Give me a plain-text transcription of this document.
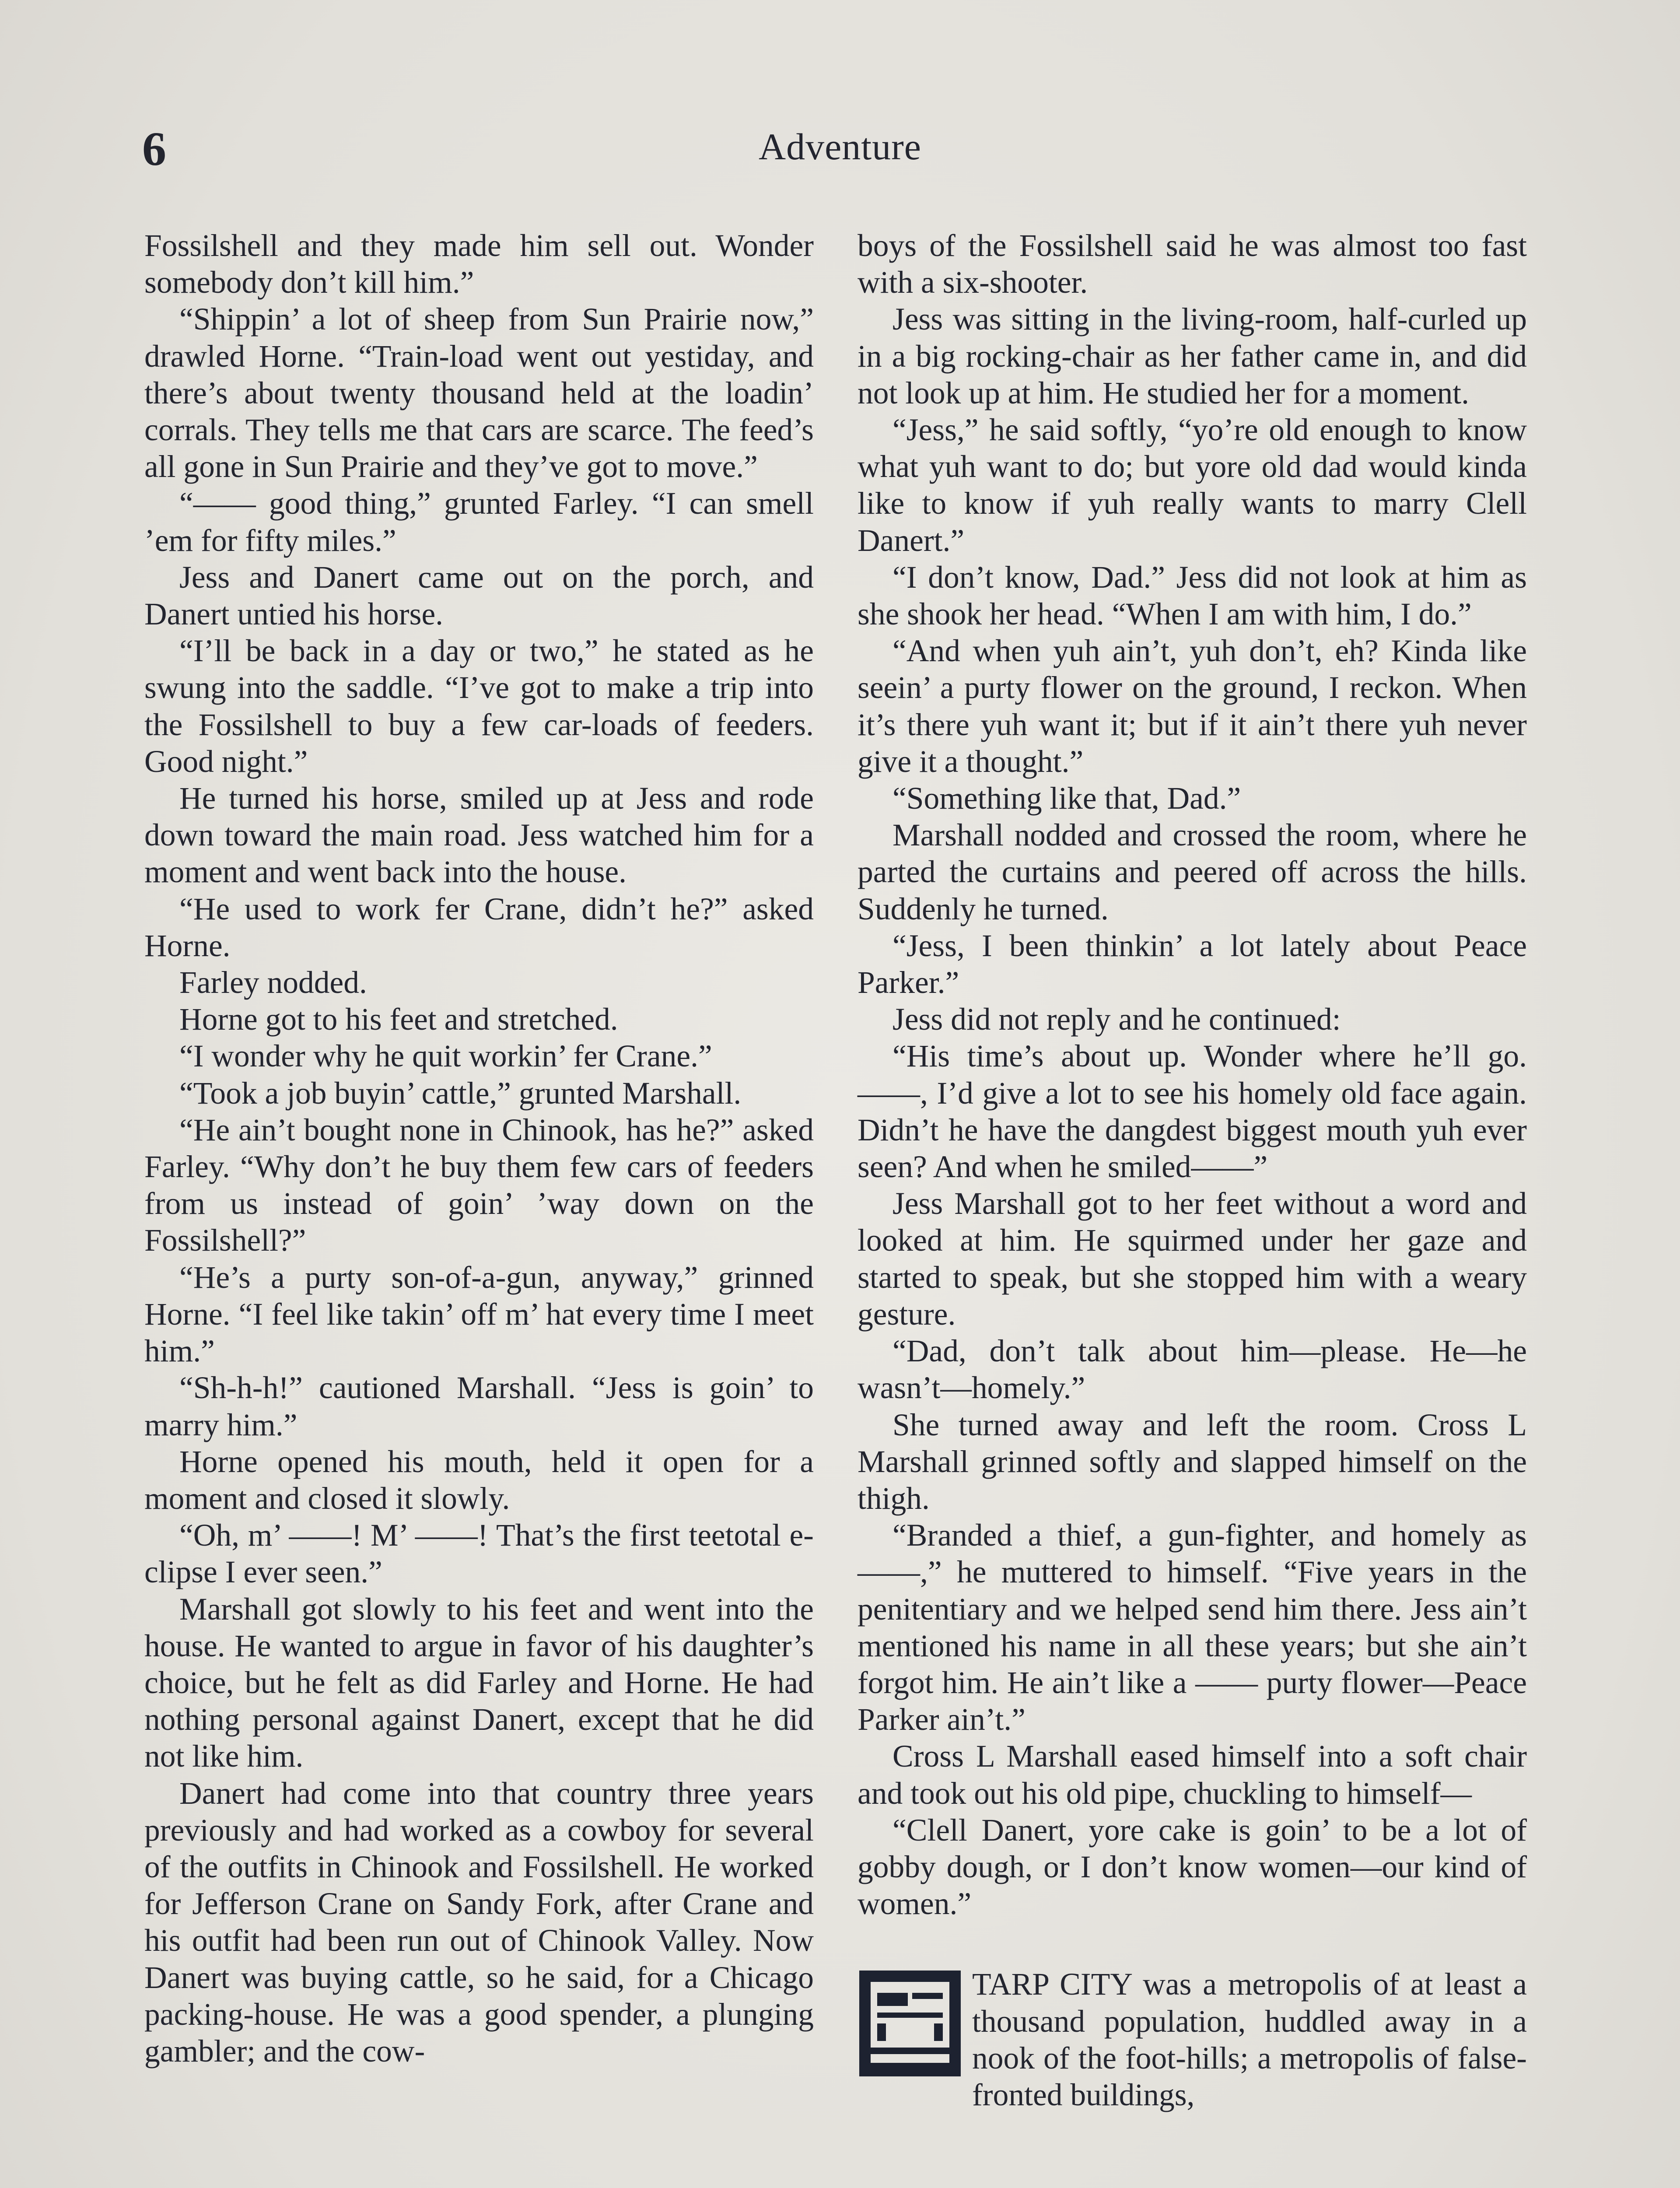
6	Adventure

Fossilshell and they made him sell out. Wonder somebody don’t kill him.”

“Shippin’ a lot of sheep from Sun Prairie now,” drawled Horne. “Train-load went out yestiday, and there’s about twenty thousand held at the loadin’ corrals. They tells me that cars are scarce. The feed’s all gone in Sun Prairie and they’ve got to move.”

“—— good thing,” grunted Farley. “I can smell ’em for fifty miles.”

Jess and Danert came out on the porch, and Danert untied his horse.

“I’ll be back in a day or two,” he stated as he swung into the saddle. “I’ve got to make a trip into the Fossilshell to buy a few car-loads of feeders. Good night.”

He turned his horse, smiled up at Jess and rode down toward the main road. Jess watched him for a moment and went back into the house.

“He used to work fer Crane, didn’t he?” asked Horne.

Farley nodded.

Horne got to his feet and stretched.

“I wonder why he quit workin’ fer Crane.”

“Took a job buyin’ cattle,” grunted Marshall.

“He ain’t bought none in Chinook, has he?” asked Farley. “Why don’t he buy them few cars of feeders from us instead of goin’ ’way down on the Fossilshell?”

“He’s a purty son-of-a-gun, anyway,” grinned Horne. “I feel like takin’ off m’ hat every time I meet him.”

“Sh-h-h!” cautioned Marshall. “Jess is goin’ to marry him.”

Horne opened his mouth, held it open for a moment and closed it slowly.

“Oh, m’ ——! M’ ——! That’s the first teetotal e-clipse I ever seen.”

Marshall got slowly to his feet and went into the house. He wanted to argue in favor of his daughter’s choice, but he felt as did Farley and Horne. He had nothing personal against Danert, except that he did not like him.

Danert had come into that country three years previously and had worked as a cowboy for several of the outfits in Chinook and Fossilshell. He worked for Jefferson Crane on Sandy Fork, after Crane and his outfit had been run out of Chinook Valley. Now Danert was buying cattle, so he said, for a Chicago packing-house. He was a good spender, a plunging gambler; and the cow-

boys of the Fossilshell said he was almost too fast with a six-shooter.

Jess was sitting in the living-room, half-curled up in a big rocking-chair as her father came in, and did not look up at him. He studied her for a moment.

“Jess,” he said softly, “yo’re old enough to know what yuh want to do; but yore old dad would kinda like to know if yuh really wants to marry Clell Danert.”

“I don’t know, Dad.” Jess did not look at him as she shook her head. “When I am with him, I do.”

“And when yuh ain’t, yuh don’t, eh? Kinda like seein’ a purty flower on the ground, I reckon. When it’s there yuh want it; but if it ain’t there yuh never give it a thought.”

“Something like that, Dad.”

Marshall nodded and crossed the room, where he parted the curtains and peered off across the hills. Suddenly he turned.

“Jess, I been thinkin’ a lot lately about Peace Parker.”

Jess did not reply and he continued:

“His time’s about up. Wonder where he’ll go. ——, I’d give a lot to see his homely old face again. Didn’t he have the dangdest biggest mouth yuh ever seen? And when he smiled——”

Jess Marshall got to her feet without a word and looked at him. He squirmed under her gaze and started to speak, but she stopped him with a weary gesture.

“Dad, don’t talk about him—please. He—he wasn’t—homely.”

She turned away and left the room. Cross L Marshall grinned softly and slapped himself on the thigh.

“Branded a thief, a gun-fighter, and homely as ——,” he muttered to himself. “Five years in the penitentiary and we helped send him there. Jess ain’t mentioned his name in all these years; but she ain’t forgot him. He ain’t like a —— purty flower—Peace Parker ain’t.”

Cross L Marshall eased himself into a soft chair and took out his old pipe, chuckling to himself—

“Clell Danert, yore cake is goin’ to be a lot of gobby dough, or I don’t know women—our kind of women.”

TARP CITY was a metropolis of at least a thousand population, huddled away in a nook of the foot-hills; a metropolis of false-fronted buildings,
